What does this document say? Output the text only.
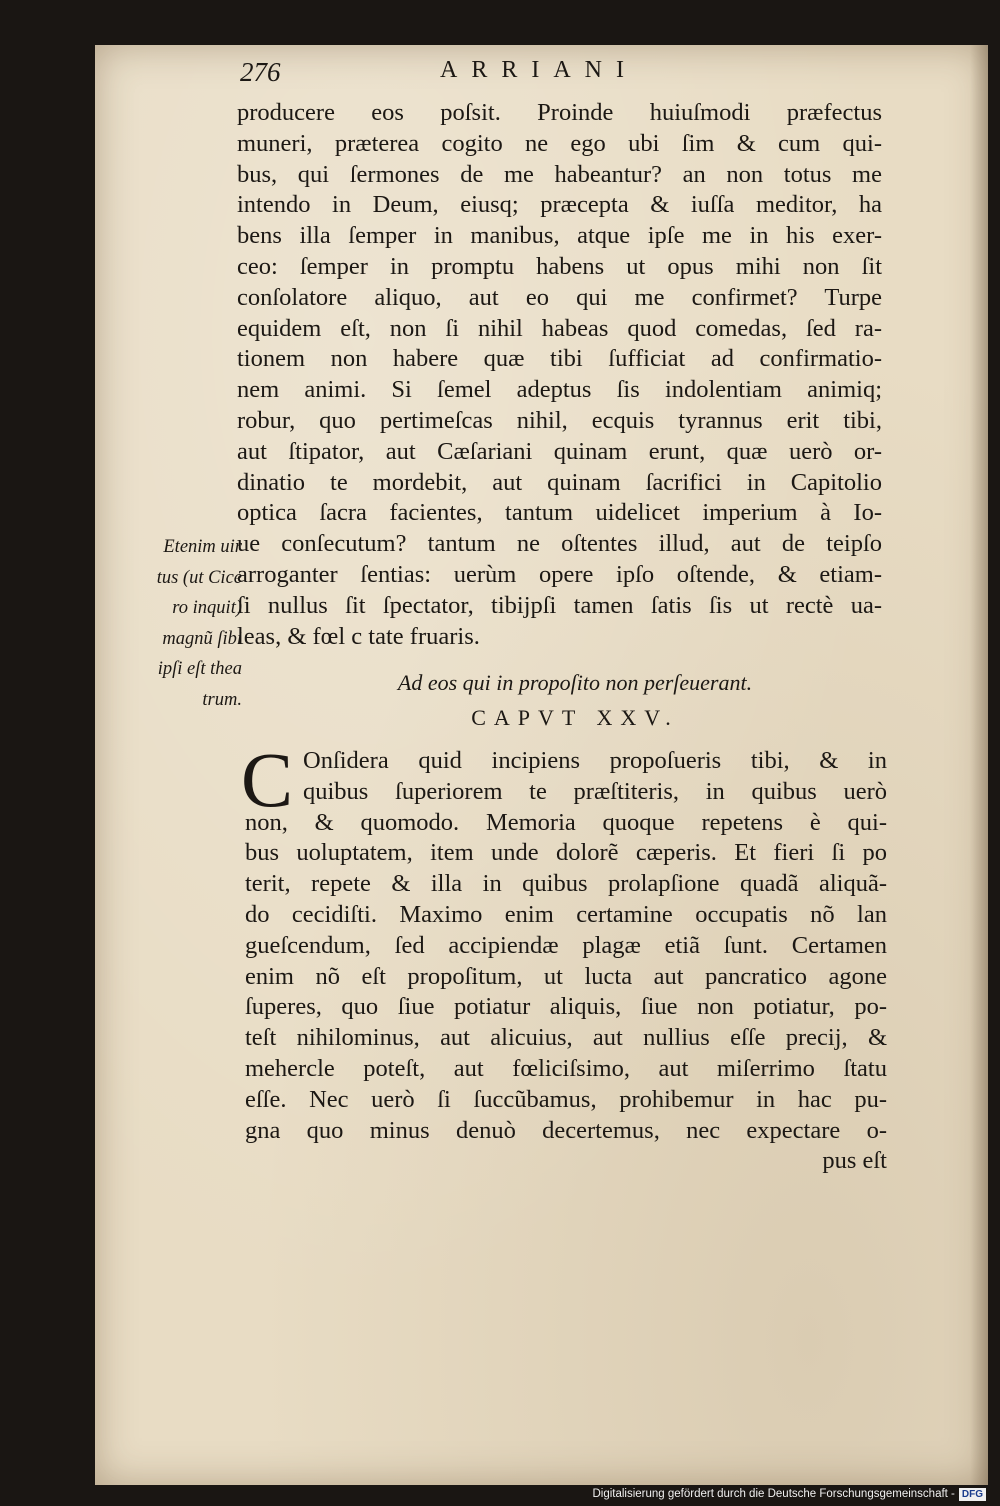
276	ARRIANI
producere eos poſsit. Proinde huiuſmodi præfectus
muneri, præterea cogito ne ego ubi ſim & cum qui-
bus, qui ſermones de me habeantur? an non totus me
intendo in Deum, eiusq; præcepta & iuſſa meditor, ha
bens illa ſemper in manibus, atque ipſe me in his exer-
ceo: ſemper in promptu habens ut opus mihi non ſit
conſolatore aliquo, aut eo qui me confirmet? Turpe
equidem eſt, non ſi nihil habeas quod comedas, ſed ra-
tionem non habere quæ tibi ſufficiat ad confirmatio-
nem animi. Si ſemel adeptus ſis indolentiam animiq;
robur, quo pertimeſcas nihil, ecquis tyrannus erit tibi,
aut ſtipator, aut Cæſariani quinam erunt, quæ uerò or-
dinatio te mordebit, aut quinam ſacrifici in Capitolio
optica ſacra facientes, tantum uidelicet imperium à Io-
ue conſecutum? tantum ne oſtentes illud, aut de teipſo
arroganter ſentias: uerùm opere ipſo oſtende, & etiam-
ſi nullus ſit ſpectator, tibijpſi tamen ſatis ſis ut rectè ua-
leas, & fœl c tate fruaris.
Etenim uir
tus (ut Cice
ro inquit)
magnũ ſibi
ipſi eſt thea
trum.
Ad eos qui in propoſito non perſeuerant.
CAPVT XXV.
C Onſidera quid incipiens propoſueris tibi, & in
quibus ſuperiorem te præſtiteris, in quibus uerò
non, & quomodo. Memoria quoque repetens è qui-
bus uoluptatem, item unde dolorẽ cæperis. Et fieri ſi po
terit, repete & illa in quibus prolapſione quadã aliquã-
do cecidiſti. Maximo enim certamine occupatis nõ lan
gueſcendum, ſed accipiendæ plagæ etiã ſunt. Certamen
enim nõ eſt propoſitum, ut lucta aut pancratico agone
ſuperes, quo ſiue potiatur aliquis, ſiue non potiatur, po-
teſt nihilominus, aut alicuius, aut nullius eſſe precij, &
mehercle poteſt, aut fœliciſsimo, aut miſerrimo ſtatu
eſſe. Nec uerò ſi ſuccũbamus, prohibemur in hac pu-
gna quo minus denuò decertemus, nec expectare o-
pus eſt
Digitalisierung gefördert durch die Deutsche Forschungsgemeinschaft - DFG
